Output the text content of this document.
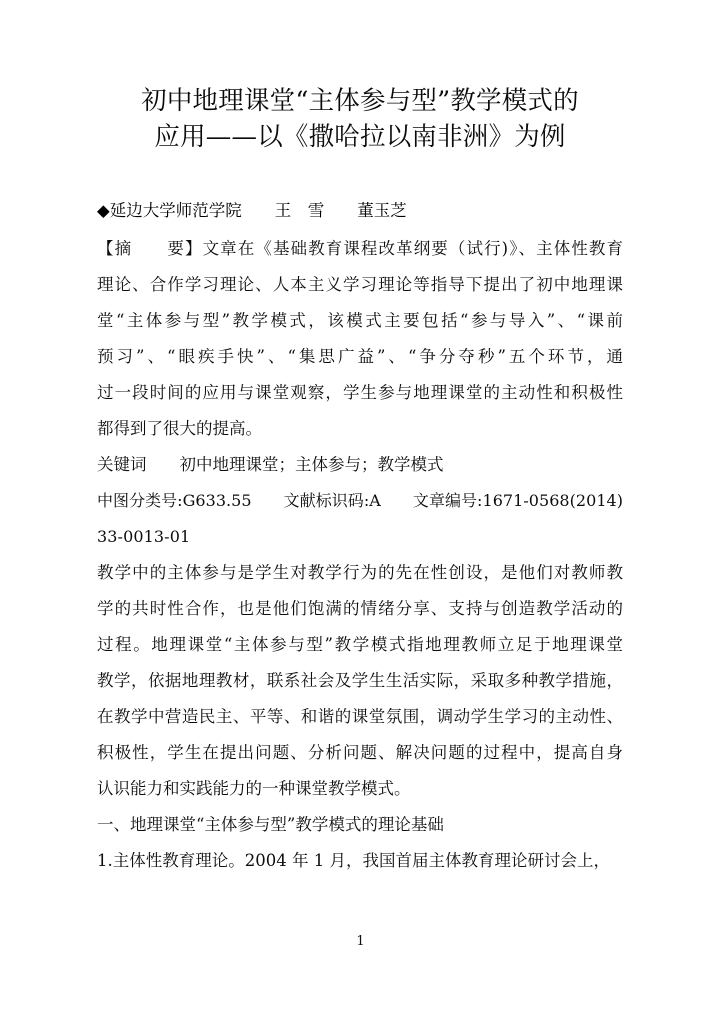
初中地理课堂“主体参与型”教学模式的
应用——以《撒哈拉以南非洲》为例
◆延边大学师范学院　　王　雪　　董玉芝
【摘　　要】文章在《基础教育课程改革纲要（试行)》、主体性教育
理论、合作学习理论、人本主义学习理论等指导下提出了初中地理课
堂“主体参与型”教学模式，该模式主要包括“参与导入”、“课前
预习”、“眼疾手快”、“集思广益”、“争分夺秒”五个环节，通
过一段时间的应用与课堂观察，学生参与地理课堂的主动性和积极性
都得到了很大的提高。
关键词　　初中地理课堂；主体参与；教学模式
中图分类号:G633.55　　文献标识码:A　　文章编号:1671-0568(2014)
33-0013-01
教学中的主体参与是学生对教学行为的先在性创设，是他们对教师教
学的共时性合作，也是他们饱满的情绪分享、支持与创造教学活动的
过程。地理课堂“主体参与型”教学模式指地理教师立足于地理课堂
教学，依据地理教材，联系社会及学生生活实际，采取多种教学措施，
在教学中营造民主、平等、和谐的课堂氛围，调动学生学习的主动性、
积极性，学生在提出问题、分析问题、解决问题的过程中，提高自身
认识能力和实践能力的一种课堂教学模式。
一、地理课堂“主体参与型”教学模式的理论基础
1.主体性教育理论。2004 年 1 月，我国首届主体教育理论研讨会上，
1
